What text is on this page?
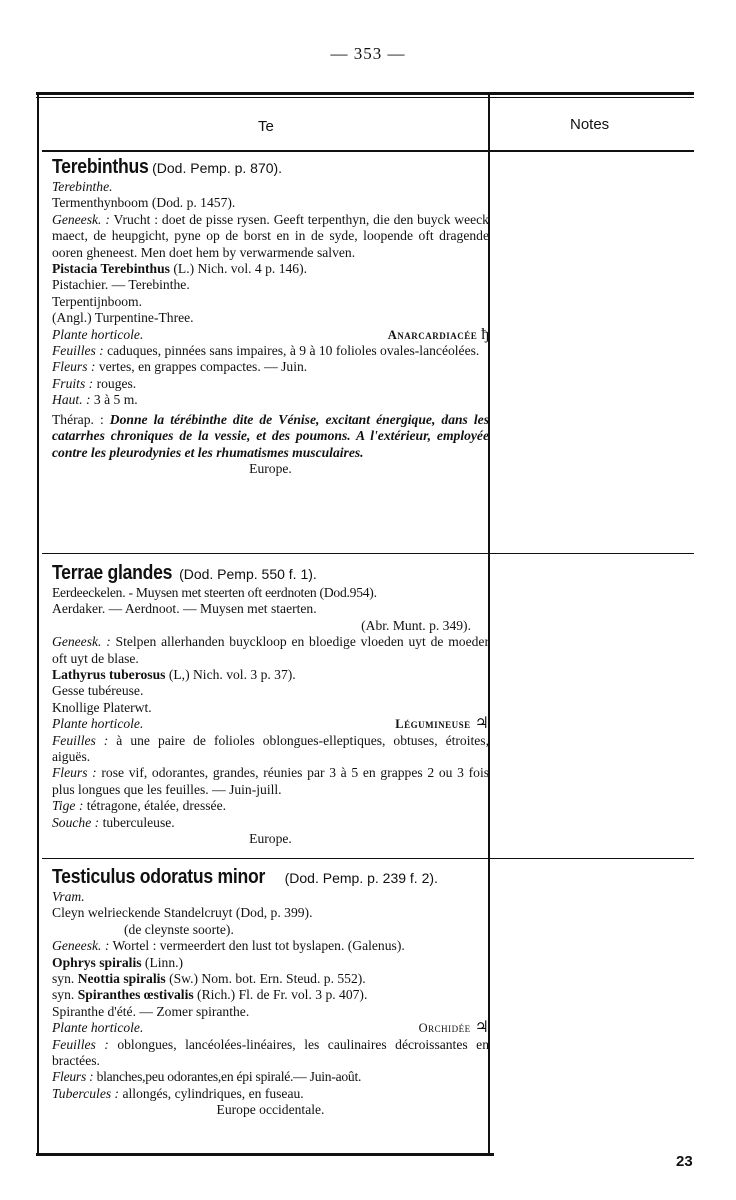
— 353 —
Te	Notes
Terebinthus (Dod. Pemp. p. 870).
Terebinthe.
Termenthynboom (Dod. p. 1457).
Geneesk. : Vrucht : doet de pisse rysen. Geeft terpenthyn, die den buyck weeck maect, de heupgicht, pyne op de borst en in de syde, loopende oft dragende ooren gheneest. Men doet hem by verwarmende salven.
Pistacia Terebinthus (L.) Nich. vol. 4 p. 146).
Pistachier. — Terebinthe.
Terpentijnboom.
(Angl.) Turpentine-Three.
Plante horticole.	Anarcardiacée ђ
Feuilles : caduques, pinnées sans impaires, à 9 à 10 folioles ovales-lancéolées.
Fleurs : vertes, en grappes compactes. — Juin.
Fruits : rouges.
Haut. : 3 à 5 m.
Thérap. : Donne la térébinthe dite de Vénise, excitant énergique, dans les catarrhes chroniques de la vessie, et des poumons. A l'extérieur, employée contre les pleurodynies et les rhumatismes musculaires.
Europe.
Terrae glandes (Dod. Pemp. 550 f. 1).
Eerdeeckelen. - Muysen met steerten oft eerdnoten (Dod.954).
Aerdaker. — Aerdnoot. — Muysen met staerten.
(Abr. Munt. p. 349).
Geneesk. : Stelpen allerhanden buyckloop en bloedige vloeden uyt de moeder oft uyt de blase.
Lathyrus tuberosus (L,) Nich. vol. 3 p. 37).
Gesse tubéreuse.
Knollige Platerwt.
Plante horticole.	Légumineuse ♃
Feuilles : à une paire de folioles oblongues-elleptiques, obtuses, étroites, aiguës.
Fleurs : rose vif, odorantes, grandes, réunies par 3 à 5 en grappes 2 ou 3 fois plus longues que les feuilles. — Juin-juill.
Tige : tétragone, étalée, dressée.
Souche : tuberculeuse.
Europe.
Testiculus odoratus minor (Dod. Pemp. p. 239 f. 2).
Vram.
Cleyn welrieckende Standelcruyt (Dod, p. 399).
(de cleynste soorte).
Geneesk. : Wortel : vermeerdert den lust tot byslapen. (Galenus).
Ophrys spiralis (Linn.)
syn. Neottia spiralis (Sw.) Nom. bot. Ern. Steud. p. 552).
syn. Spiranthes œstivalis (Rich.) Fl. de Fr. vol. 3 p. 407).
Spiranthe d'été. — Zomer spiranthe.
Plante horticole.	Orchidée ♃
Feuilles : oblongues, lancéolées-linéaires, les caulinaires décroissantes en bractées.
Fleurs : blanches,peu odorantes,en épi spiralé.— Juin-août.
Tubercules : allongés, cylindriques, en fuseau.
Europe occidentale.
23
